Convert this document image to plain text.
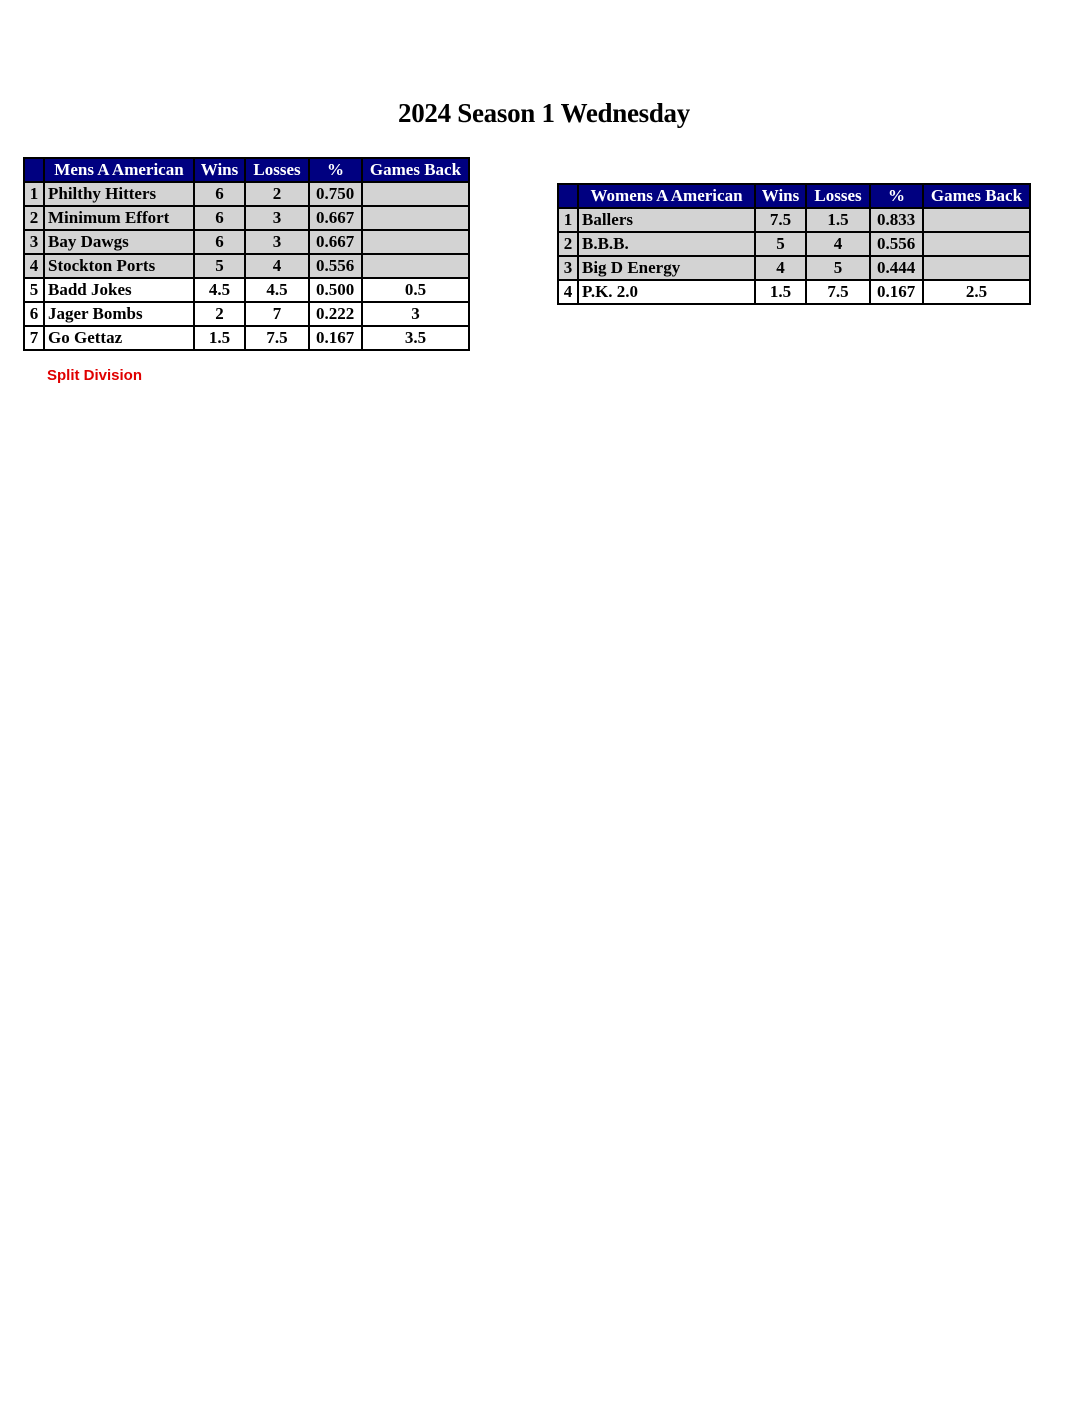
2024 Season 1 Wednesday
	Mens A American	Wins	Losses	%	Games Back
1	Philthy Hitters	6	2	0.750	
2	Minimum Effort	6	3	0.667	
3	Bay Dawgs	6	3	0.667	
4	Stockton Ports	5	4	0.556	
5	Badd Jokes	4.5	4.5	0.500	0.5
6	Jager Bombs	2	7	0.222	3
7	Go Gettaz	1.5	7.5	0.167	3.5
Split Division
	Womens A American	Wins	Losses	%	Games Back
1	Ballers	7.5	1.5	0.833	
2	B.B.B.	5	4	0.556	
3	Big D Energy	4	5	0.444	
4	P.K. 2.0	1.5	7.5	0.167	2.5
